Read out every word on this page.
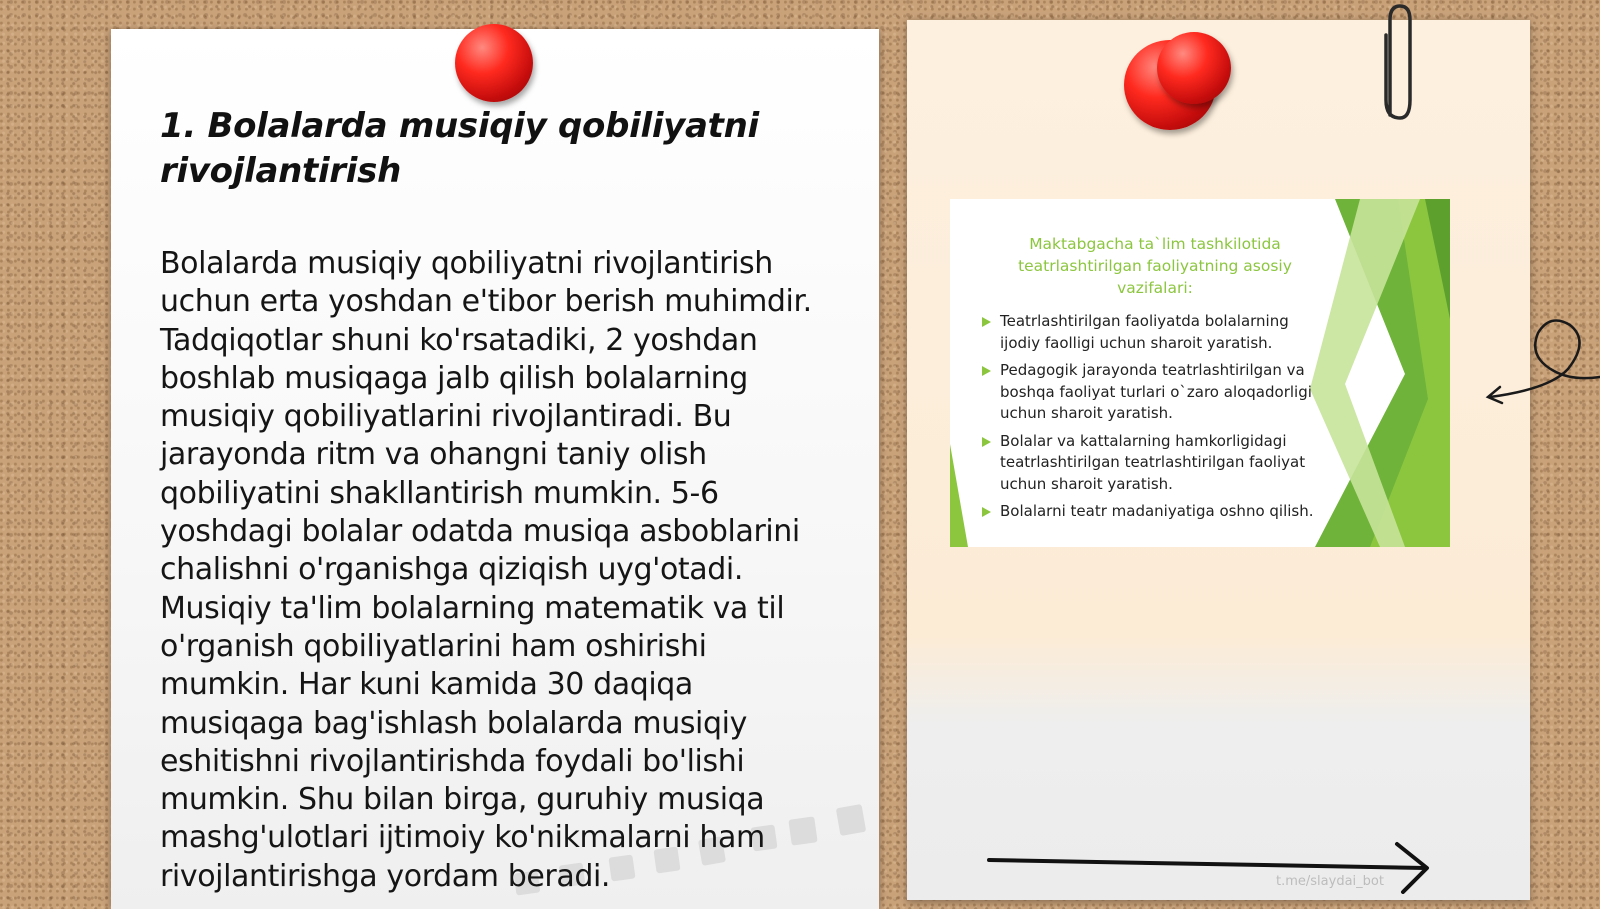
1. Bolalarda musiqiy qobiliyatni rivojlantirish

Bolalarda musiqiy qobiliyatni rivojlantirish uchun erta yoshdan e'tibor berish muhimdir. Tadqiqotlar shuni ko'rsatadiki, 2 yoshdan boshlab musiqaga jalb qilish bolalarning musiqiy qobiliyatlarini rivojlantiradi. Bu jarayonda ritm va ohangni taniy olish qobiliyatini shakllantirish mumkin. 5-6 yoshdagi bolalar odatda musiqa asboblarini chalishni o'rganishga qiziqish uyg'otadi. Musiqiy ta'lim bolalarning matematik va til o'rganish qobiliyatlarini ham oshirishi mumkin. Har kuni kamida 30 daqiqa musiqaga bag'ishlash bolalarda musiqiy eshitishni rivojlantirishda foydali bo'lishi mumkin. Shu bilan birga, guruhiy musiqa mashg'ulotlari ijtimoiy ko'nikmalarni ham rivojlantirishga yordam beradi.

Maktabgacha ta`lim tashkilotida teatrlashtirilgan faoliyatning asosiy vazifalari:

Teatrlashtirilgan faoliyatda bolalarning ijodiy faolligi uchun sharoit yaratish.
Pedagogik jarayonda teatrlashtirilgan va boshqa faoliyat turlari o`zaro aloqadorligi uchun sharoit yaratish.
Bolalar va kattalarning hamkorligidagi teatrlashtirilgan teatrlashtirilgan faoliyat uchun sharoit yaratish.
Bolalarni teatr madaniyatiga oshno qilish.
t.me/slaydai_bot
